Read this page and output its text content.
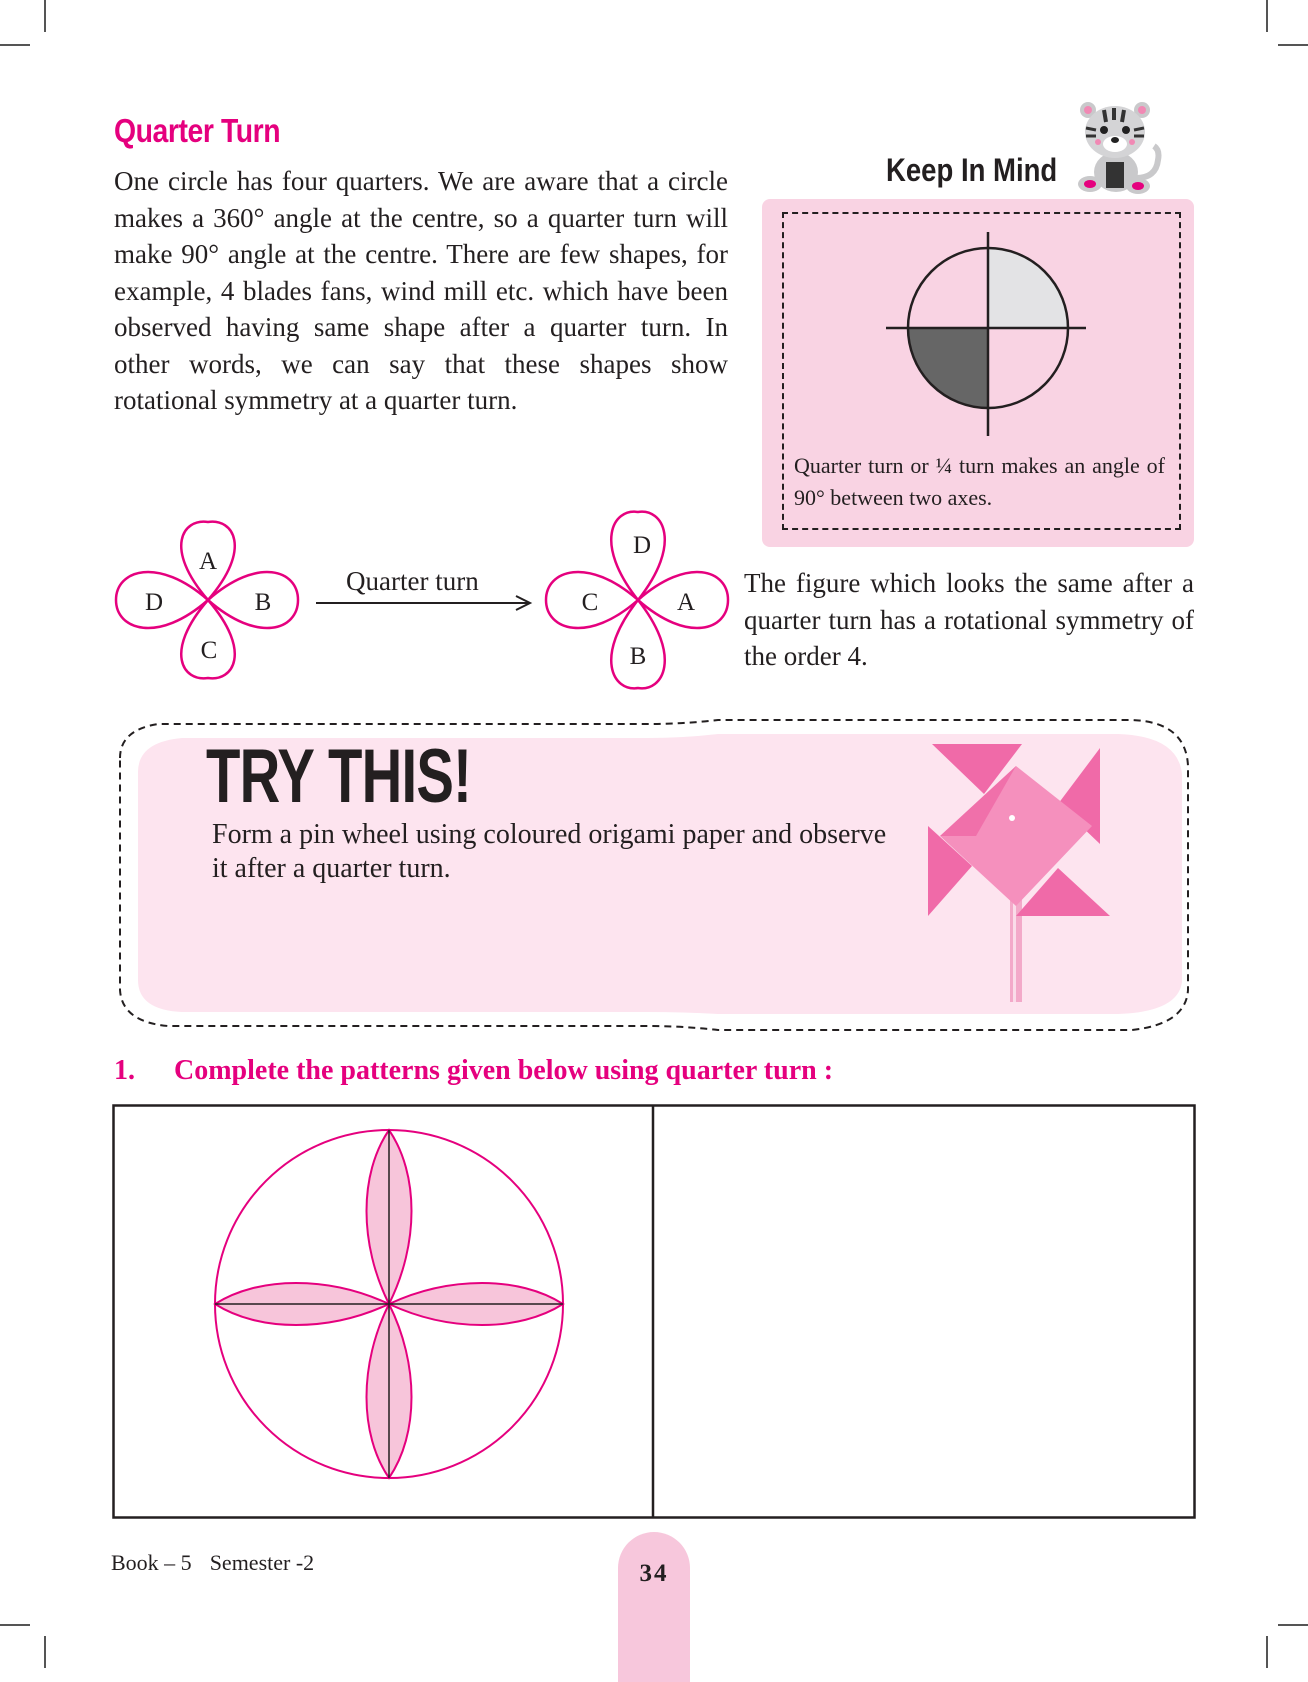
Quarter Turn
One circle has four quarters. We are aware that a circle makes a 360° angle at the centre, so a quarter turn will make 90° angle at the centre. There are few shapes, for example, 4 blades fans, wind mill etc. which have been observed having same shape after a quarter turn. In other words, we can say that these shapes show rotational symmetry at a quarter turn.
Keep In Mind
Quarter turn or ¼ turn makes an angle of 90° between two axes.
A
B
C
D
Quarter turn
D
A
B
C
The figure which looks the same after a quarter turn has a rotational symmetry of the order 4.
TRY THIS!
Form a pin wheel using coloured origami paper and observe it after a quarter turn.
1. Complete the patterns given below using quarter turn :
Book – 5 Semester -2	34
